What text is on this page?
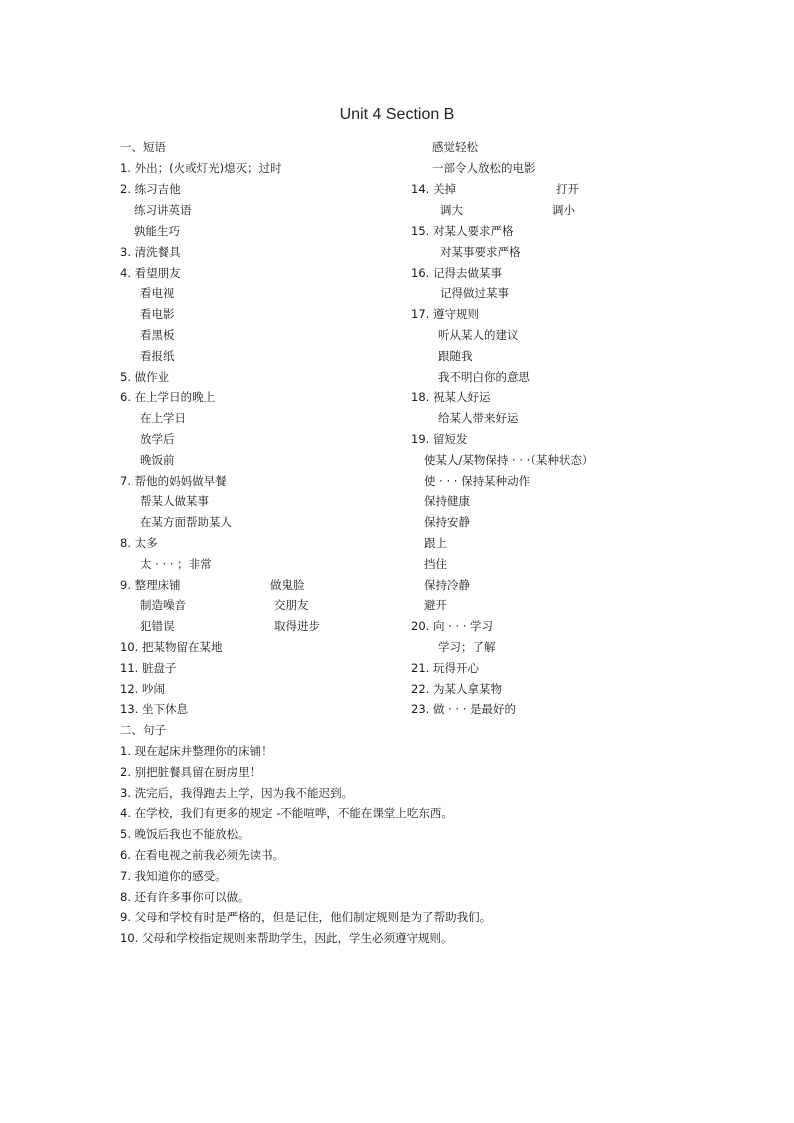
Unit 4 Section B
一、短语
1. 外出；(火或灯光)熄灭；过时
2. 练习吉他
练习讲英语
孰能生巧
3. 清洗餐具
4. 看望朋友
看电视
看电影
看黑板
看报纸
5. 做作业
6. 在上学日的晚上
在上学日
放学后
晚饭前
7. 帮他的妈妈做早餐
帮某人做某事
在某方面帮助某人
8. 太多
太 · · · ；非常
9. 整理床铺	做鬼脸
制造噪音	交朋友
犯错误	取得进步
10. 把某物留在某地
11. 脏盘子
12. 吵闹
13. 坐下休息
感觉轻松
一部令人放松的电影
14. 关掉	打开
调大	调小
15. 对某人要求严格
对某事要求严格
16. 记得去做某事
记得做过某事
17. 遵守规则
听从某人的建议
跟随我
我不明白你的意思
18. 祝某人好运
给某人带来好运
19. 留短发
使某人/某物保持 · · ·（某种状态）
使 · · · 保持某种动作
保持健康
保持安静
跟上
挡住
保持冷静
避开
20. 向 · · · 学习
学习；了解
21. 玩得开心
22. 为某人拿某物
23. 做 · · · 是最好的
二、句子
1. 现在起床并整理你的床铺！
2. 别把脏餐具留在厨房里！
3. 洗完后，我得跑去上学，因为我不能迟到。
4. 在学校，我们有更多的规定 -不能喧哗，不能在课堂上吃东西。
5. 晚饭后我也不能放松。
6. 在看电视之前我必须先读书。
7. 我知道你的感受。
8. 还有许多事你可以做。
9. 父母和学校有时是严格的，但是记住，他们制定规则是为了帮助我们。
10. 父母和学校指定规则来帮助学生，因此，学生必须遵守规则。
